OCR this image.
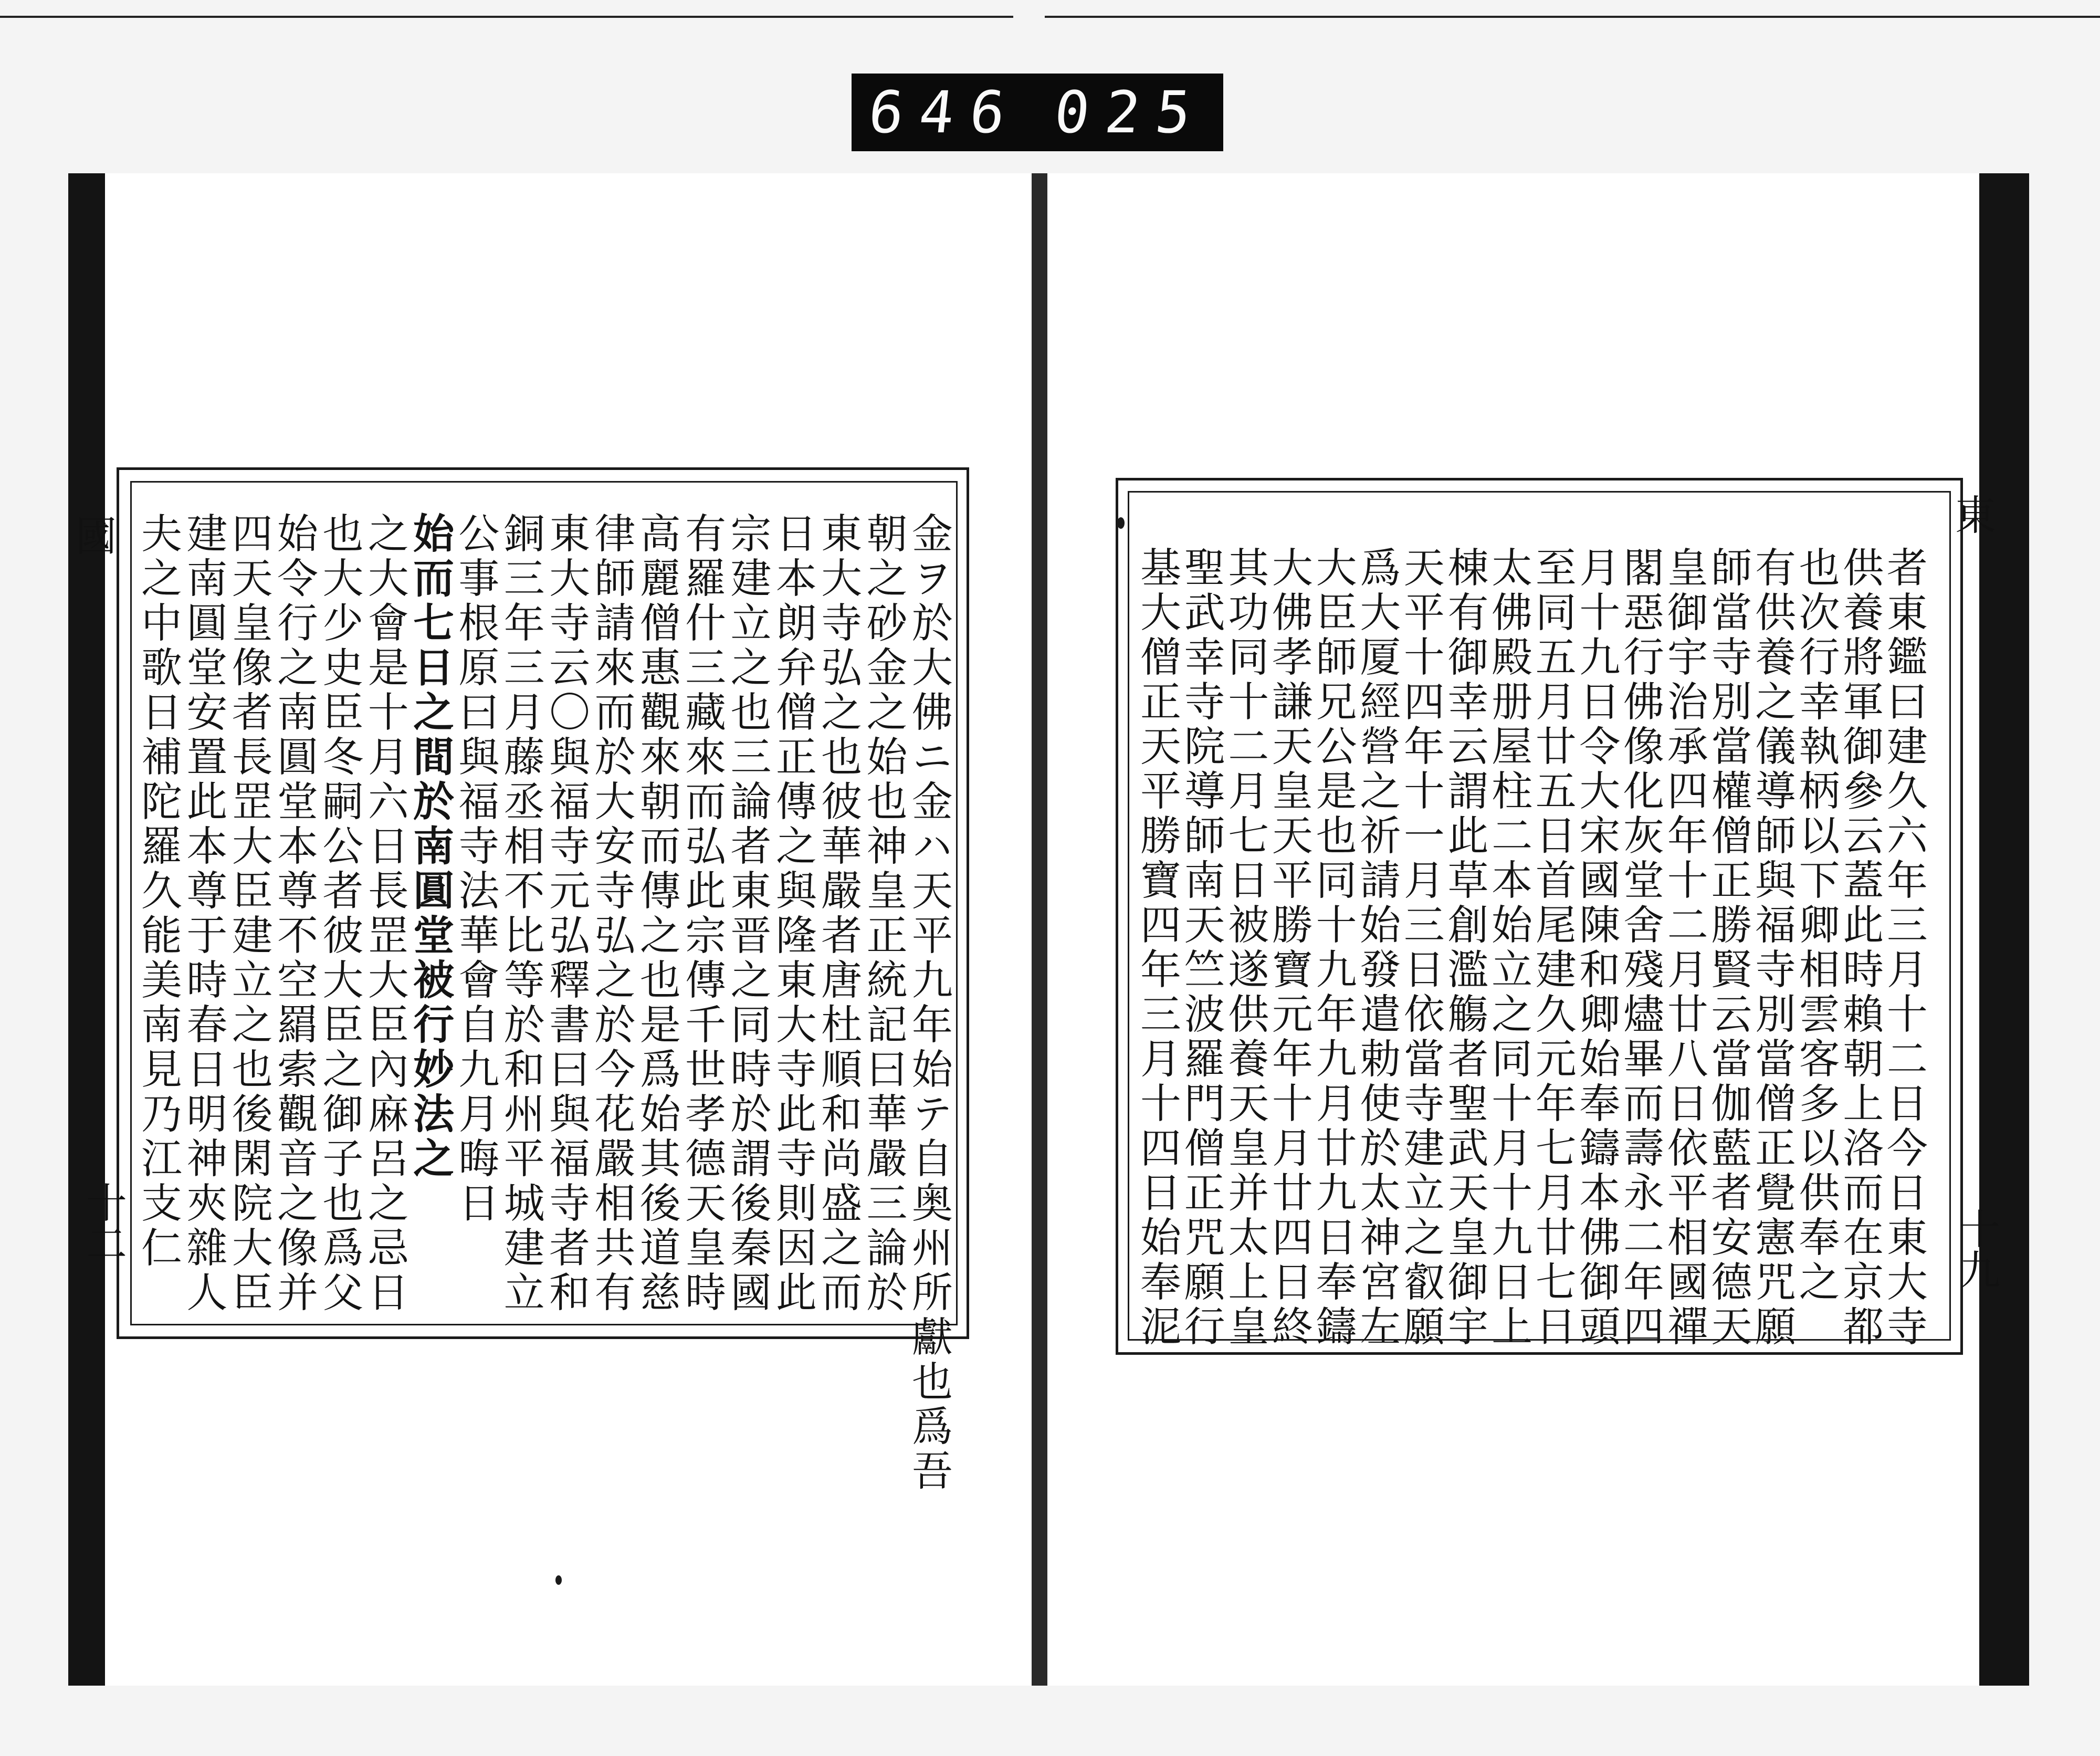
646 025
國	金ヲ於大佛ニ金ハ天平九年始テ自奥州所獻也爲吾
朝之砂金之始也神皇正統記曰華嚴三論於
東大寺弘之也彼華嚴者唐杜順和尚盛之而
日本朗弁僧正傳之與隆東大寺此寺則因此
宗建立之也三論者東晋之同時於謂後秦國
有羅什三藏來而弘此宗傳千世孝德天皇時
高麗僧惠觀來朝而傳之也是爲始其後道慈
律師請來而於大安寺弘之於今花嚴相共有
東大寺云〇與福寺元弘釋書曰與福寺者和
銅三年三月藤丞相不比等於和州平城建立
公事根原曰與福寺法華會自九月晦日
始而七日之間於南圓堂被行妙法之
之大會是十月六日長罡大臣內麻呂之忌日
也大少史臣冬嗣公者彼大臣之御子也爲父
始令行之南圓堂本尊不空羂索觀音之像并
四天皇像者長罡大臣建立之也後閑院大臣
建南圓堂安置此本尊于時春日明神夾雜人
夫之中歌日補陀羅久能美南見乃江支仁
十二	者東鑑曰建久六年三月十二日今日東大寺
供養將軍御參云蓋此時賴朝上洛而在京都
也次行幸執柄以下卿相雲客多以供奉之
有供養之儀導師與福寺別當僧正覺憲咒願
師當寺別當權僧正勝賢云當伽藍者安德天
皇御宇治承四年十二月廿八日依平相國禪
閣惡行佛像化灰堂舍殘燼畢而壽永二年四
月十九日令大宋國陳和卿始奉鑄本佛御頭
至同五月廿五日首尾建久元年七月廿七日
太佛殿册屋柱二本始立之同十月十九日上
棟有御幸云謂此草創濫觴者聖武天皇御宇
天平十四年十一月三日依當寺建立之叡願
爲大厦經營之祈請始發遣勅使於太神宮左
大臣師兄公是也同十九年九月廿九日奉鑄
大佛孝謙天皇天平勝寶元年十月廿四日終
其功同十二月七日被遂供養天皇并太上皇
聖武幸寺院導師南天竺波羅門僧正咒願行
基大僧正天平勝寶四年三月十四日始奉泥
東
十九
